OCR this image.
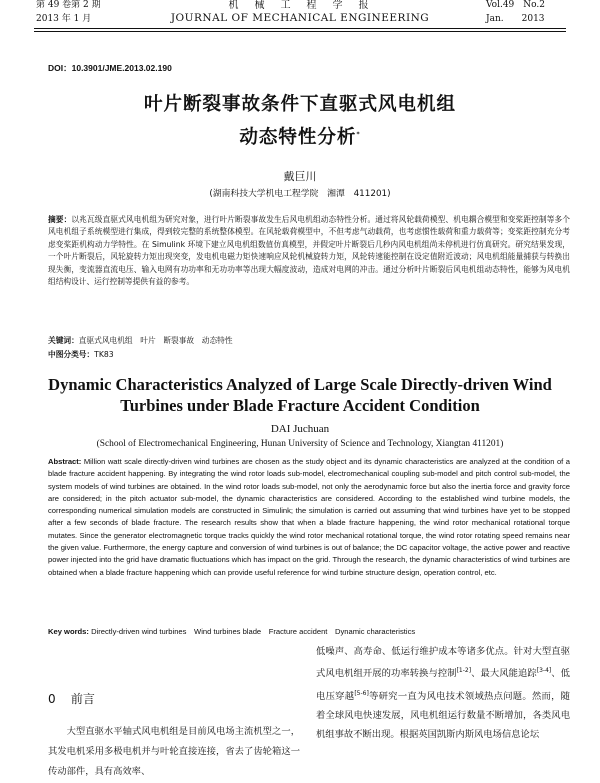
第 49 卷第 2 期
2013 年 1 月
机　械　工　程　学　报
JOURNAL OF MECHANICAL ENGINEERING
Vol.49　No.2
Jan.　　2013
DOI：10.3901/JME.2013.02.190
叶片断裂事故条件下直驱式风电机组
动态特性分析*
戴巨川
(湖南科技大学机电工程学院　湘潭　411201)
摘要：以兆瓦级直驱式风电机组为研究对象，进行叶片断裂事故发生后风电机组动态特性分析。通过将风轮载荷模型、机电耦合模型和变桨距控制等多个风电机组子系统模型进行集成，得到较完整的系统整体模型。在风轮载荷模型中，不但考虑气动载荷，也考虑惯性载荷和重力载荷等；变桨距控制充分考虑变桨距机构动力学特性。在 Simulink 环境下建立风电机组数值仿真模型，并假定叶片断裂后几秒内风电机组尚未停机进行仿真研究。研究结果发现，一个叶片断裂后，风轮旋转力矩出现突变，发电机电磁力矩快速响应风轮机械旋转力矩，风轮转速能控制在设定值附近波动；风电机组能量捕获与转换出现失衡，变流器直流电压、输入电网有功功率和无功功率等出现大幅度波动，造成对电网的冲击。通过分析叶片断裂后风电机组动态特性，能够为风电机组结构设计、运行控制等提供有益的参考。
关键词：直驱式风电机组　叶片　断裂事故　动态特性
中图分类号：TK83
Dynamic Characteristics Analyzed of Large Scale Directly-driven Wind
Turbines under Blade Fracture Accident Condition
DAI Juchuan
(School of Electromechanical Engineering, Hunan University of Science and Technology, Xiangtan 411201)
Abstract: Million watt scale directly-driven wind turbines are chosen as the study object and its dynamic characteristics are analyzed at the condition of a blade fracture accident happening. By integrating the wind rotor loads sub-model, electromechanical coupling sub-model and pitch control sub-model, the system models of wind turbines are obtained. In the wind rotor loads sub-model, not only the aerodynamic force but also the inertia force and gravity force are considered; in the pitch actuator sub-model, the dynamic characteristics are considered. According to the established wind turbine models, the corresponding numerical simulation models are constructed in Simulink; the simulation is carried out assuming that wind turbines have yet to be stopped after a few seconds of blade fracture. The research results show that when a blade fracture happening, the wind rotor mechanical rotational torque mutates. Since the generator electromagnetic torque tracks quickly the wind rotor mechanical rotational torque, the wind rotor rotating speed remains near the given value. Furthermore, the energy capture and conversion of wind turbines is out of balance; the DC capacitor voltage, the active power and reactive power injected into the grid have dramatic fluctuations which has impact on the grid. Through the research, the dynamic characteristics of wind turbines are obtained when a blade fracture happening which can provide useful reference for wind turbine structure design, operation control, etc.
Key words: Directly-driven wind turbines　Wind turbines blade　Fracture accident　Dynamic characteristics
0 前言
大型直驱水平轴式风电机组是目前风电场主流机型之一，其发电机采用多极电机并与叶轮直接连接，省去了齿轮箱这一传动部件，具有高效率、
低噪声、高寿命、低运行维护成本等诸多优点。针对大型直驱式风电机组开展的功率转换与控制[1-2]、最大风能追踪[3-4]、低电压穿越[5-6]等研究一直为风电技术领域热点问题。然而，随着全球风电快速发展，风电机组运行数量不断增加，各类风电机组事故不断出现。根据英国凯斯内斯风电场信息论坛
